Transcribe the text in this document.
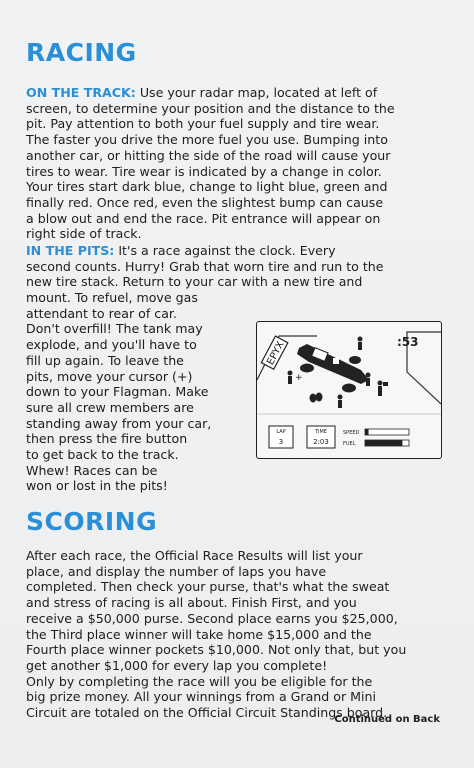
RACING
ON THE TRACK: Use your radar map, located at left of
screen, to determine your position and the distance to the
pit. Pay attention to both your fuel supply and tire wear.
The faster you drive the more fuel you use. Bumping into
another car, or hitting the side of the road will cause your
tires to wear. Tire wear is indicated by a change in color.
Your tires start dark blue, change to light blue, green and
finally red. Once red, even the slightest bump can cause
a blow out and end the race. Pit entrance will appear on
right side of track.
IN THE PITS: It's a race against the clock. Every
second counts. Hurry! Grab that worn tire and run to the
new tire stack. Return to your car with a new tire and
mount. To refuel, move gas
attendant to rear of car.
Don't overfill! The tank may
explode, and you'll have to
fill up again. To leave the
pits, move your cursor (+)
down to your Flagman. Make
sure all crew members are
standing away from your car,
then press the fire button
to get back to the track.
Whew! Races can be
won or lost in the pits!
EPYX	:53
+
LAP
3
TIME
2:03
SPEED
FUEL
SCORING
After each race, the Official Race Results will list your
place, and display the number of laps you have
completed. Then check your purse, that's what the sweat
and stress of racing is all about. Finish First, and you
receive a $50,000 purse. Second place earns you $25,000,
the Third place winner will take home $15,000 and the
Fourth place winner pockets $10,000. Not only that, but you
get another $1,000 for every lap you complete!
Only by completing the race will you be eligible for the
big prize money. All your winnings from a Grand or Mini
Circuit are totaled on the Official Circuit Standings board.
Continued on Back
